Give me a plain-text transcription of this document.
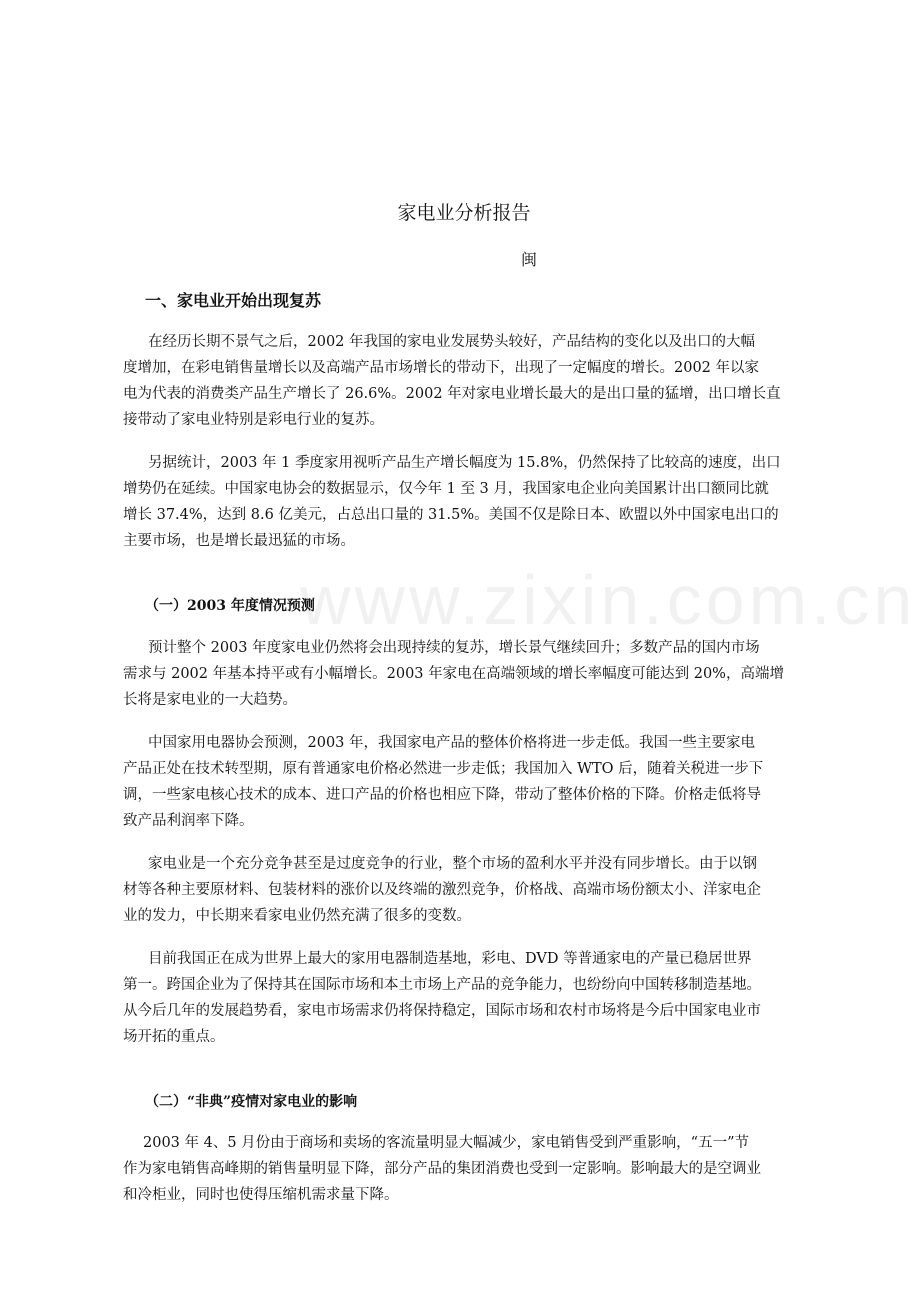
www.zixin.com.cn
家电业分析报告
闽
一、家电业开始出现复苏
在经历长期不景气之后，2002 年我国的家电业发展势头较好，产品结构的变化以及出口的大幅
度增加，在彩电销售量增长以及高端产品市场增长的带动下，出现了一定幅度的增长。2002 年以家
电为代表的消费类产品生产增长了 26.6%。2002 年对家电业增长最大的是出口量的猛增，出口增长直
接带动了家电业特别是彩电行业的复苏。
另据统计，2003 年 1 季度家用视听产品生产增长幅度为 15.8%，仍然保持了比较高的速度，出口
增势仍在延续。中国家电协会的数据显示，仅今年 1 至 3 月，我国家电企业向美国累计出口额同比就
增长 37.4%，达到 8.6 亿美元，占总出口量的 31.5%。美国不仅是除日本、欧盟以外中国家电出口的
主要市场，也是增长最迅猛的市场。
（一）2003 年度情况预测
预计整个 2003 年度家电业仍然将会出现持续的复苏，增长景气继续回升；多数产品的国内市场
需求与 2002 年基本持平或有小幅增长。2003 年家电在高端领域的增长率幅度可能达到 20%，高端增
长将是家电业的一大趋势。
中国家用电器协会预测，2003 年，我国家电产品的整体价格将进一步走低。我国一些主要家电
产品正处在技术转型期，原有普通家电价格必然进一步走低；我国加入 WTO 后，随着关税进一步下
调，一些家电核心技术的成本、进口产品的价格也相应下降，带动了整体价格的下降。价格走低将导
致产品利润率下降。
家电业是一个充分竞争甚至是过度竞争的行业，整个市场的盈利水平并没有同步增长。由于以钢
材等各种主要原材料、包装材料的涨价以及终端的激烈竞争，价格战、高端市场份额太小、洋家电企
业的发力，中长期来看家电业仍然充满了很多的变数。
目前我国正在成为世界上最大的家用电器制造基地，彩电、DVD 等普通家电的产量已稳居世界
第一。跨国企业为了保持其在国际市场和本土市场上产品的竞争能力，也纷纷向中国转移制造基地。
从今后几年的发展趋势看，家电市场需求仍将保持稳定，国际市场和农村市场将是今后中国家电业市
场开拓的重点。
（二）“非典”疫情对家电业的影响
2003 年 4、5 月份由于商场和卖场的客流量明显大幅减少，家电销售受到严重影响，“五一”节
作为家电销售高峰期的销售量明显下降，部分产品的集团消费也受到一定影响。影响最大的是空调业
和冷柜业，同时也使得压缩机需求量下降。
